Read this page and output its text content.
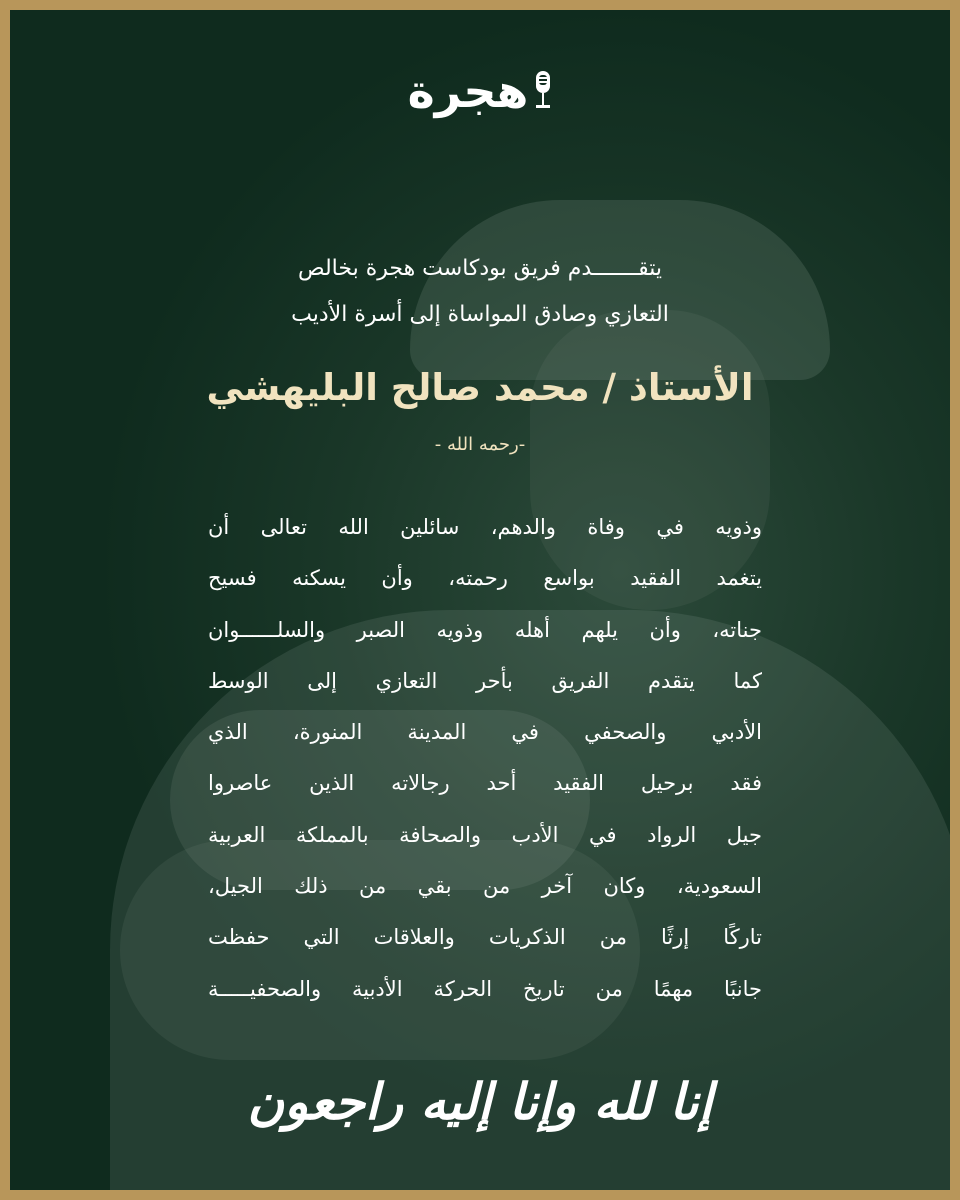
هجرة
يتقـــــــدم فريق بودكاست هجرة بخالص
التعازي وصادق المواساة إلى أسرة الأديب
الأستاذ / محمد صالح البليهشي
-رحمه الله -
وذويه في وفاة والدهم، سائلين الله تعالى أن
يتغمد الفقيد بواسع رحمته، وأن يسكنه فسيح
جناته، وأن يلهم أهله وذويه الصبر والسلــــــوان
كما يتقدم الفريق بأحر التعازي إلى الوسط
الأدبي والصحفي في المدينة المنورة، الذي
فقد برحيل الفقيد أحد رجالاته الذين عاصروا
جيل الرواد في الأدب والصحافة بالمملكة العربية
السعودية، وكان آخر من بقي من ذلك الجيل،
تاركًا إرثًا من الذكريات والعلاقات التي حفظت
جانبًا مهمًا من تاريخ الحركة الأدبية والصحفيـــــة
إنا لله وإنا إليه راجعون
